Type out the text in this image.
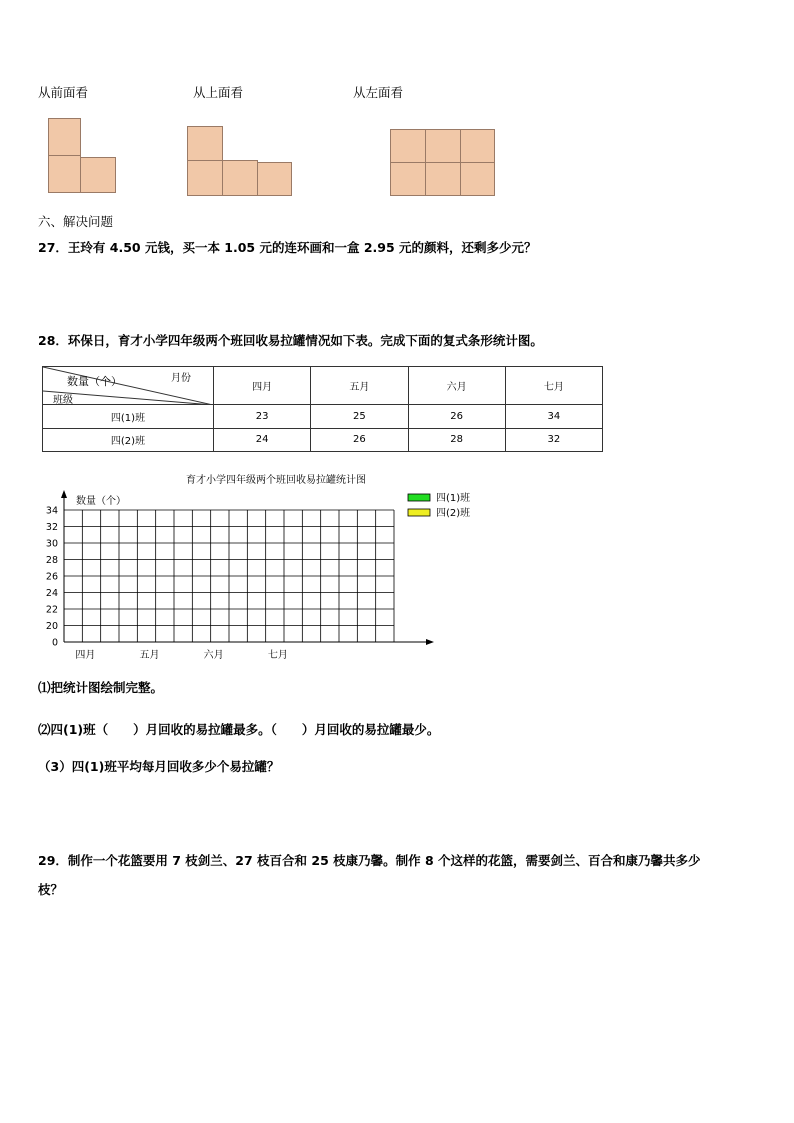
从前面看	从上面看	从左面看
六、解决问题
27．王玲有 4.50 元钱，买一本 1.05 元的连环画和一盒 2.95 元的颜料，还剩多少元？
28．环保日，育才小学四年级两个班回收易拉罐情况如下表。完成下面的复式条形统计图。
月份
数量（个）
班级	四月	五月	六月	七月
四(1)班	23	25	26	34
四(2)班	24	26	28	32
育才小学四年级两个班回收易拉罐统计图
数量（个）
34
32
30
28
26
24
22
20
0
四月	五月	六月	七月
四(1)班
四(2)班
⑴把统计图绘制完整。
⑵四(1)班（　　）月回收的易拉罐最多。（　　）月回收的易拉罐最少。
（3）四(1)班平均每月回收多少个易拉罐？
29．制作一个花篮要用 7 枝剑兰、27 枝百合和 25 枝康乃馨。制作 8 个这样的花篮，需要剑兰、百合和康乃馨共多少
枝？
